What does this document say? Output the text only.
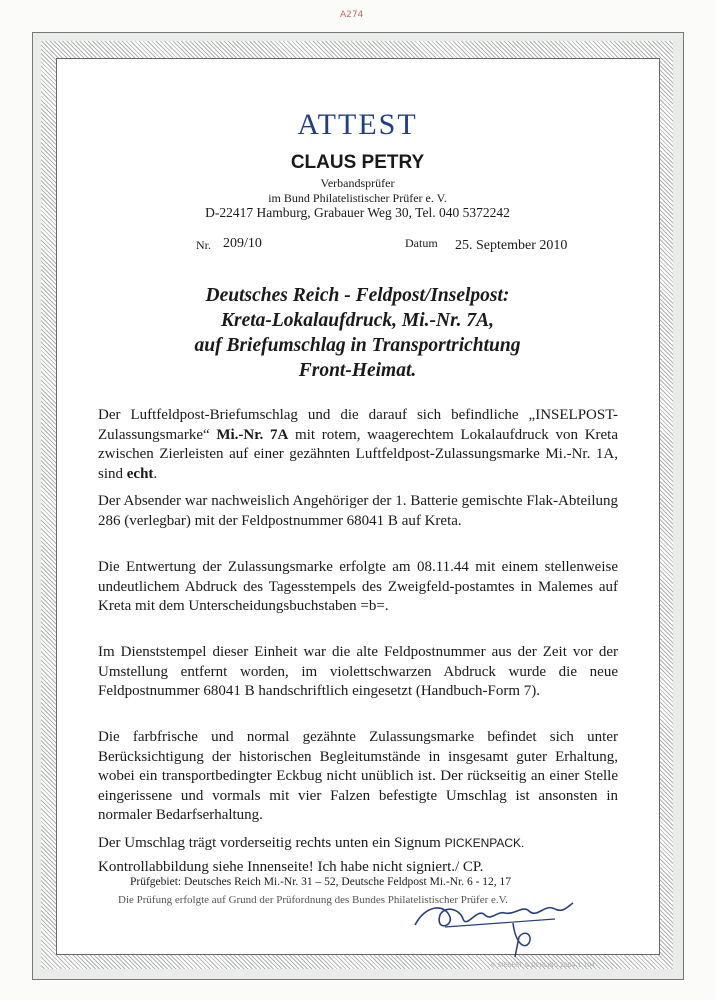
A274
ATTEST
CLAUS PETRY
Verbandsprüfer
im Bund Philatelistischer Prüfer e. V.
D-22417 Hamburg, Grabauer Weg 30, Tel. 040 5372242
Nr. 209/10	Datum 25. September 2010
Deutsches Reich - Feldpost/Inselpost:
Kreta-Lokalaufdruck, Mi.-Nr. 7A,
auf Briefumschlag in Transportrichtung
Front-Heimat.
Der Luftfeldpost-Briefumschlag und die darauf sich befindliche „INSELPOST-Zulassungsmarke“ Mi.-Nr. 7A mit rotem, waagerechtem Lokalaufdruck von Kreta zwischen Zierleisten auf einer gezähnten Luftfeldpost-Zulassungsmarke Mi.-Nr. 1A, sind echt.
Der Absender war nachweislich Angehöriger der 1. Batterie gemischte Flak-Abteilung 286 (verlegbar) mit der Feldpostnummer 68041 B auf Kreta.
Die Entwertung der Zulassungsmarke erfolgte am 08.11.44 mit einem stellenweise undeutlichem Abdruck des Tagesstempels des Zweigfeld-postamtes in Malemes auf Kreta mit dem Unterscheidungsbuchstaben =b=.
Im Dienststempel dieser Einheit war die alte Feldpostnummer aus der Zeit vor der Umstellung entfernt worden, im violettschwarzen Abdruck wurde die neue Feldpostnummer 68041 B handschriftlich eingesetzt (Handbuch-Form 7).
Die farbfrische und normal gezähnte Zulassungsmarke befindet sich unter Berücksichtigung der historischen Begleitumstände in insgesamt guter Erhaltung, wobei ein transportbedingter Eckbug nicht unüblich ist. Der rückseitig an einer Stelle eingerissene und vormals mit vier Falzen befestigte Umschlag ist ansonsten in normaler Bedarfserhaltung.
Der Umschlag trägt vorderseitig rechts unten ein Signum PICKENPACK.
Kontrollabbildung siehe Innenseite! Ich habe nicht signiert./ CP.
Prüfgebiet: Deutsches Reich Mi.-Nr. 31 – 52, Deutsche Feldpost Mi.-Nr. 6 - 12, 17
Die Prüfung erfolgte auf Grund der Prüfordnung des Bundes Philatelistischer Prüfer e.V.
© SIEBERT & DEHLING 2004-1 104
